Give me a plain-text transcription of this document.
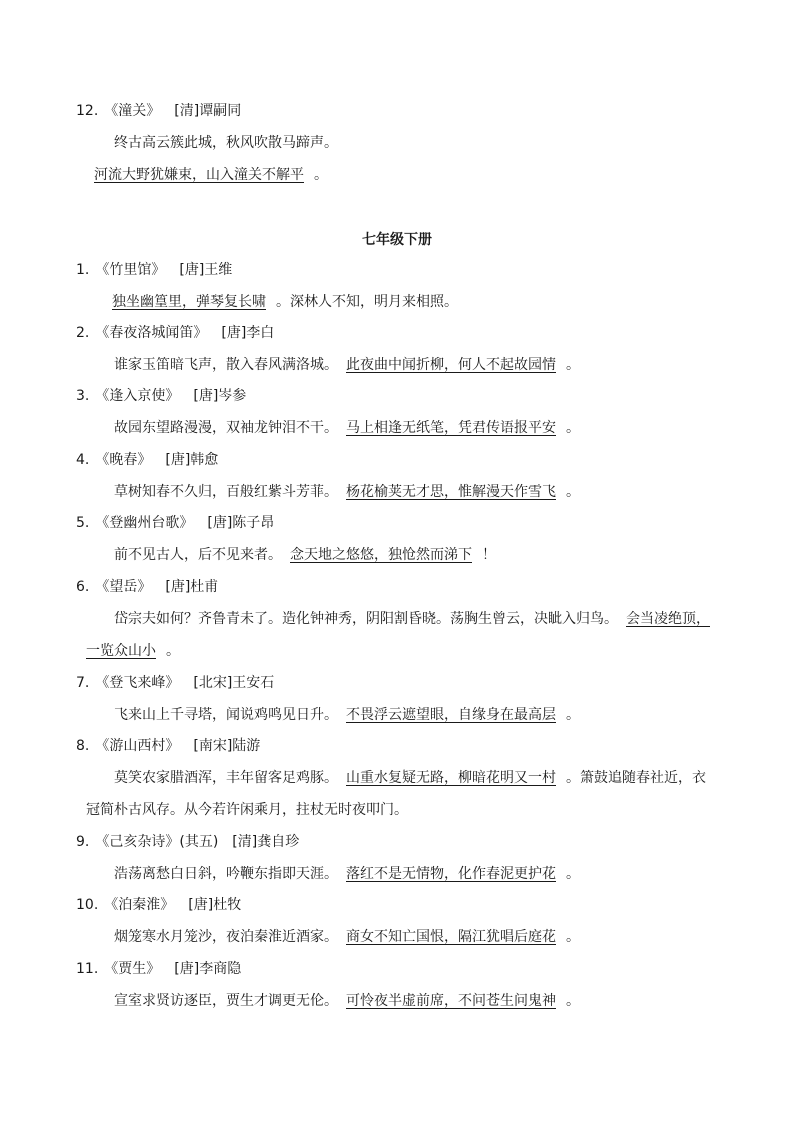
12. 《潼关》 [清]谭嗣同
终古高云簇此城，秋风吹散马蹄声。
河流大野犹嫌束，山入潼关不解平 。
七年级下册
1. 《竹里馆》 [唐]王维
独坐幽篁里，弹琴复长啸 。深林人不知，明月来相照。
2. 《春夜洛城闻笛》 [唐]李白
谁家玉笛暗飞声，散入春风满洛城。 此夜曲中闻折柳，何人不起故园情 。
3. 《逢入京使》 [唐]岑参
故园东望路漫漫，双袖龙钟泪不干。 马上相逢无纸笔，凭君传语报平安 。
4. 《晚春》 [唐]韩愈
草树知春不久归，百般红紫斗芳菲。 杨花榆荚无才思，惟解漫天作雪飞 。
5. 《登幽州台歌》 [唐]陈子昂
前不见古人，后不见来者。 念天地之悠悠，独怆然而涕下 ！
6. 《望岳》 [唐]杜甫
岱宗夫如何？齐鲁青未了。造化钟神秀，阴阳割昏晓。荡胸生曾云，决眦入归鸟。 会当凌绝顶，
一览众山小 。
7. 《登飞来峰》 [北宋]王安石
飞来山上千寻塔，闻说鸡鸣见日升。 不畏浮云遮望眼，自缘身在最高层 。
8. 《游山西村》 [南宋]陆游
莫笑农家腊酒浑，丰年留客足鸡豚。 山重水复疑无路，柳暗花明又一村 。箫鼓追随春社近，衣
冠简朴古风存。从今若许闲乘月，拄杖无时夜叩门。
9. 《己亥杂诗》(其五) [清]龚自珍
浩荡离愁白日斜，吟鞭东指即天涯。 落红不是无情物，化作春泥更护花 。
10. 《泊秦淮》 [唐]杜牧
烟笼寒水月笼沙，夜泊秦淮近酒家。 商女不知亡国恨，隔江犹唱后庭花 。
11. 《贾生》 [唐]李商隐
宣室求贤访逐臣，贾生才调更无伦。 可怜夜半虚前席，不问苍生问鬼神 。
